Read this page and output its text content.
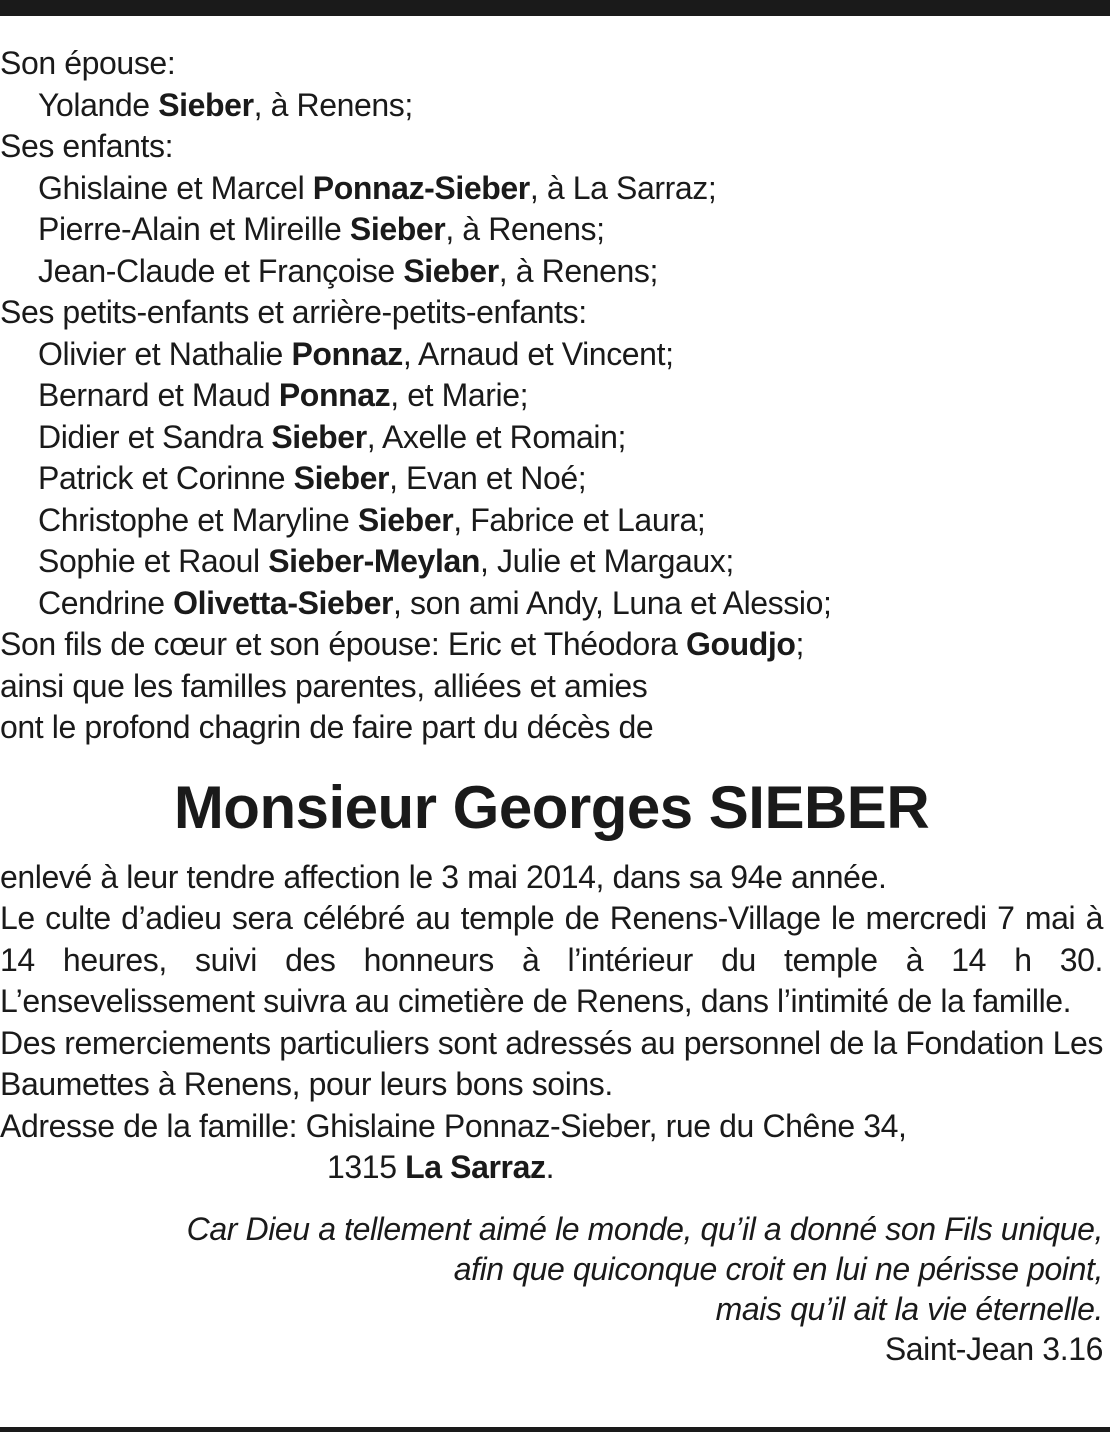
Son épouse:
Yolande Sieber, à Renens;
Ses enfants:
Ghislaine et Marcel Ponnaz-Sieber, à La Sarraz;
Pierre-Alain et Mireille Sieber, à Renens;
Jean-Claude et Françoise Sieber, à Renens;
Ses petits-enfants et arrière-petits-enfants:
Olivier et Nathalie Ponnaz, Arnaud et Vincent;
Bernard et Maud Ponnaz, et Marie;
Didier et Sandra Sieber, Axelle et Romain;
Patrick et Corinne Sieber, Evan et Noé;
Christophe et Maryline Sieber, Fabrice et Laura;
Sophie et Raoul Sieber-Meylan, Julie et Margaux;
Cendrine Olivetta-Sieber, son ami Andy, Luna et Alessio;
Son fils de cœur et son épouse: Eric et Théodora Goudjo;
ainsi que les familles parentes, alliées et amies
ont le profond chagrin de faire part du décès de
Monsieur Georges SIEBER
enlevé à leur tendre affection le 3 mai 2014, dans sa 94e année.
Le culte d’adieu sera célébré au temple de Renens-Village le mercredi 7 mai à 14 heures, suivi des honneurs à l’intérieur du temple à 14 h 30. L’ensevelissement suivra au cimetière de Renens, dans l’intimité de la famille.
Des remerciements particuliers sont adressés au personnel de la Fondation Les Baumettes à Renens, pour leurs bons soins.
Adresse de la famille: Ghislaine Ponnaz-Sieber, rue du Chêne 34,
1315 La Sarraz.
Car Dieu a tellement aimé le monde, qu’il a donné son Fils unique,
afin que quiconque croit en lui ne périsse point,
mais qu’il ait la vie éternelle.
Saint-Jean 3.16
